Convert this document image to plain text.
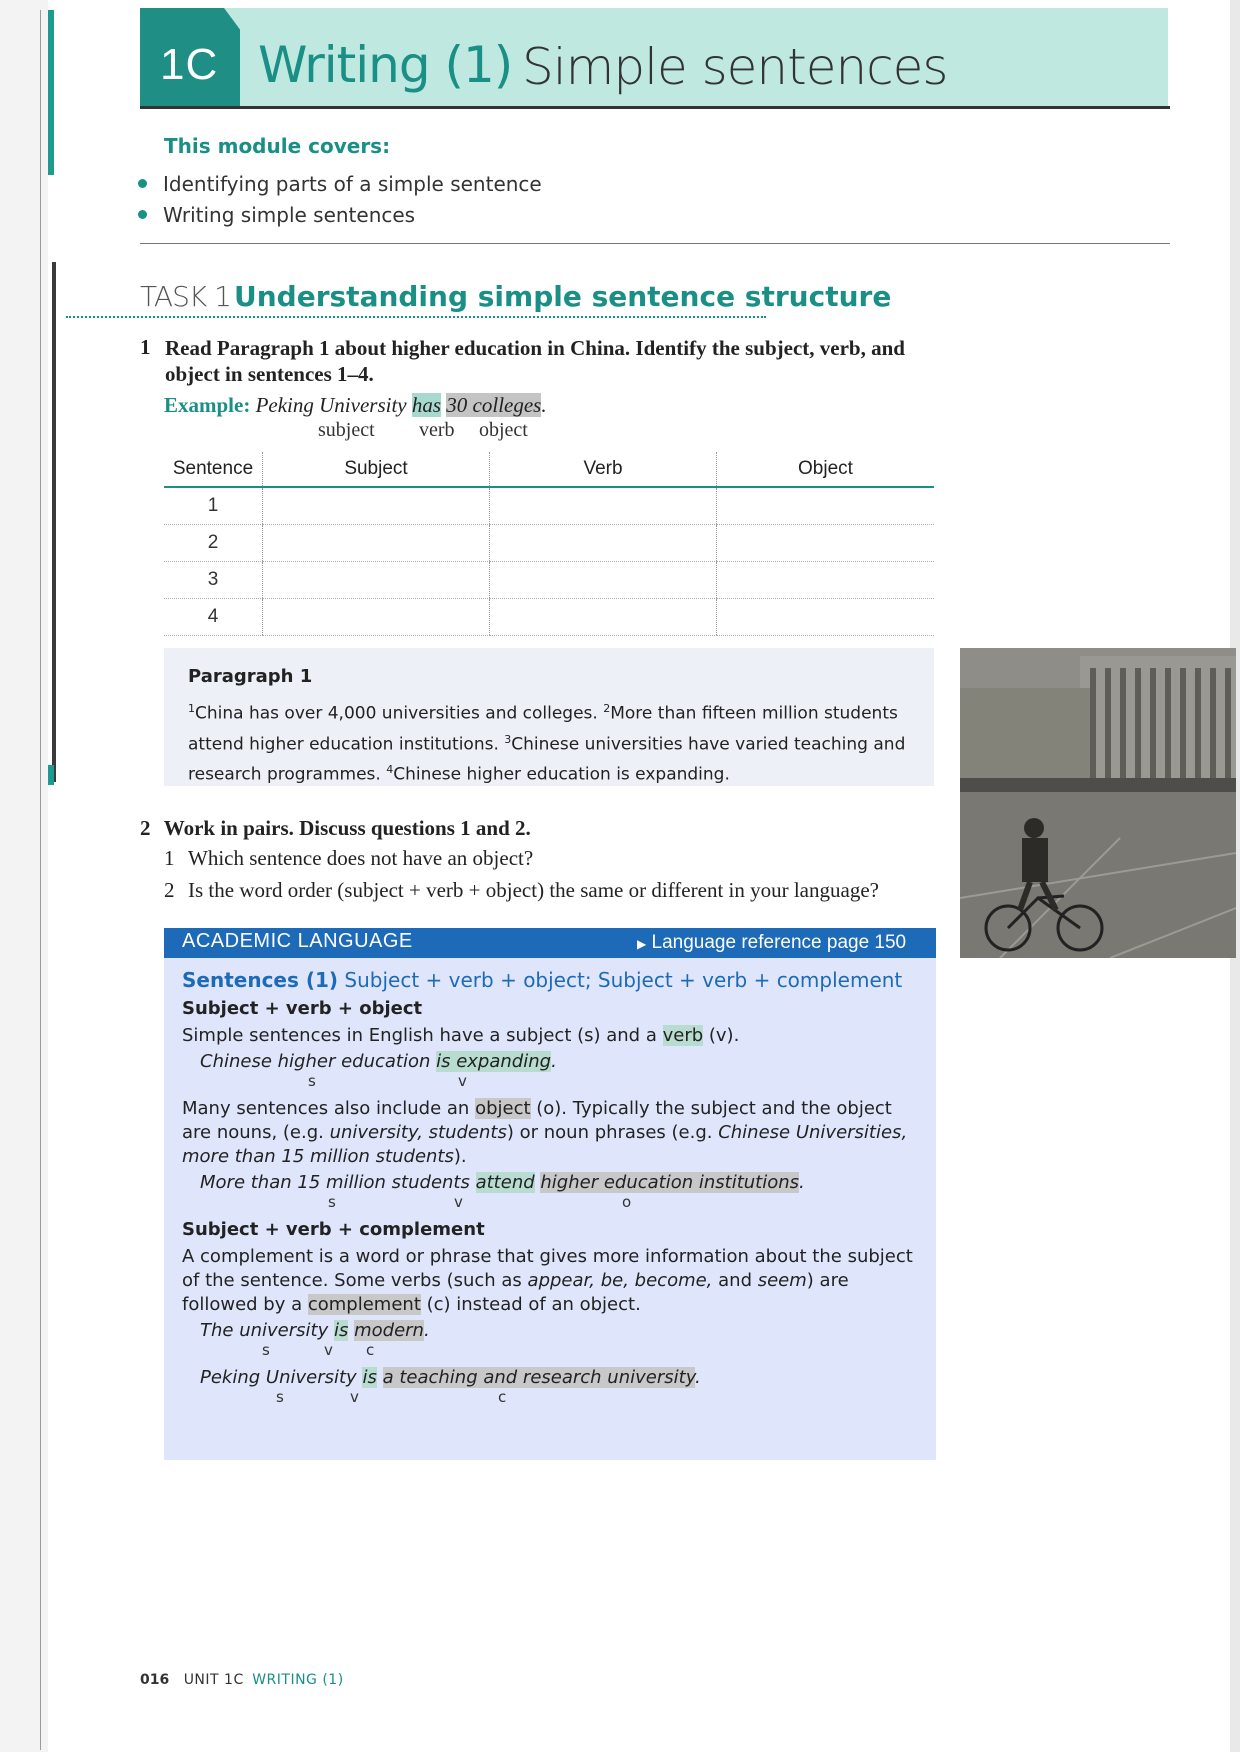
1C Writing (1) Simple sentences
This module covers:
Identifying parts of a simple sentence
Writing simple sentences
TASK 1 Understanding simple sentence structure
1 Read Paragraph 1 about higher education in China. Identify the subject, verb, and object in sentences 1–4.
Example: Peking University has 30 colleges.
subject verb object
Sentence	Subject	Verb	Object
1			
2			
3			
4			
Paragraph 1
$^1$China has over 4,000 universities and colleges. $^2$More than fifteen million students attend higher education institutions. $^3$Chinese universities have varied teaching and research programmes. $^4$Chinese higher education is expanding.
2 Work in pairs. Discuss questions 1 and 2.
1 Which sentence does not have an object?
2 Is the word order (subject + verb + object) the same or different in your language?
ACADEMIC LANGUAGE	▶ Language reference page 150
Sentences (1) Subject + verb + object; Subject + verb + complement
Subject + verb + object
Simple sentences in English have a subject (s) and a verb (v).
Chinese higher education is expanding.
s	v
Many sentences also include an object (o). Typically the subject and the object are nouns, (e.g. university, students) or noun phrases (e.g. Chinese Universities, more than 15 million students).
More than 15 million students attend higher education institutions.
s	v	o
Subject + verb + complement
A complement is a word or phrase that gives more information about the subject of the sentence. Some verbs (such as appear, be, become, and seem) are followed by a complement (c) instead of an object.
The university is modern.
s	v c
Peking University is a teaching and research university.
s	v	c
016 UNIT 1C WRITING (1)
